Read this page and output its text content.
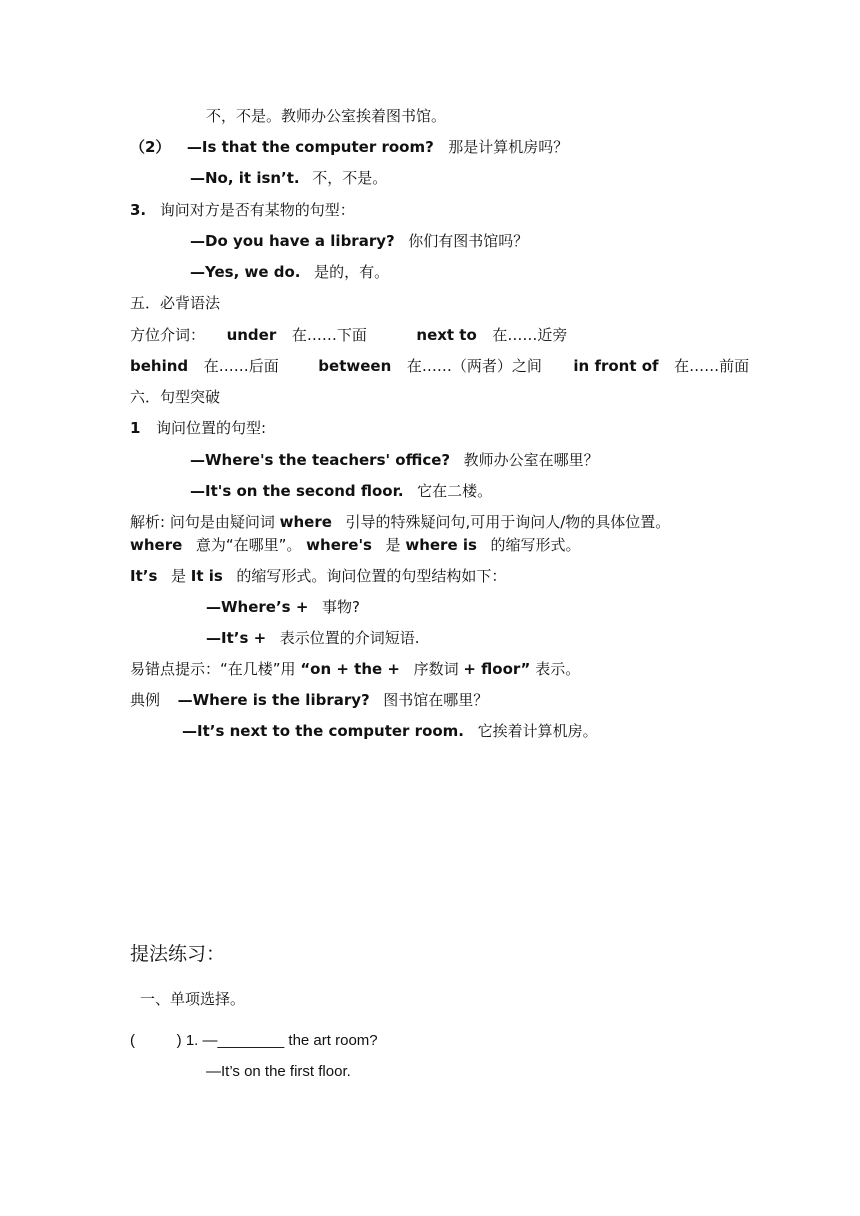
不，不是。教师办公室挨着图书馆。
（2） —Is that the computer room? 那是计算机房吗？
—No, it isn’t. 不，不是。
3. 询问对方是否有某物的句型：
—Do you have a library? 你们有图书馆吗？
—Yes, we do. 是的，有。
五．必背语法
方位介词： under 在……下面	next to 在……近旁
behind 在……后面	between 在……（两者）之间 in front of 在……前面
六．句型突破
1 询问位置的句型:
—Where's the teachers' office? 教师办公室在哪里？
—It's on the second floor. 它在二楼。
解析: 问句是由疑问词 where 引导的特殊疑问句,可用于询问人/物的具体位置。
where 意为“在哪里”。 where's 是 where is 的缩写形式。
It’s 是 It is 的缩写形式。询问位置的句型结构如下：
—Where’s + 事物?
—It’s + 表示位置的介词短语.
易错点提示：“在几楼”用 “on + the + 序数词 + floor” 表示。
典例 —Where is the library? 图书馆在哪里？
—It’s next to the computer room. 它挨着计算机房。
提法练习：
一、单项选择。
(          ) 1. —________ the art room?
—It’s on the first floor.
